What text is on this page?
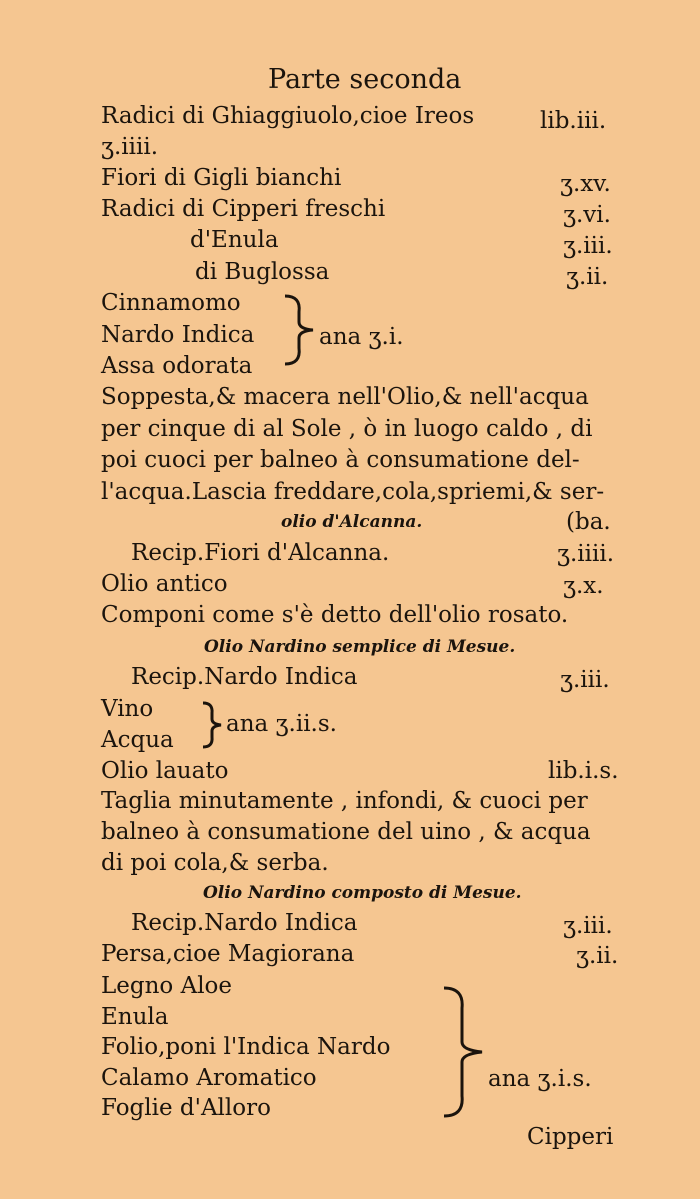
Parte seconda
Radici di Ghiaggiuolo,cioe Ireos	lib.iii.
ʒ.iiii.
Fiori di Gigli bianchi	ʒ.xv.
Radici di Cipperi freschi	ʒ.vi.
d'Enula	ʒ.iii.
di Buglossa	ʒ.ii.
Cinnamomo
Nardo Indica
Assa odorata
ana ʒ.i.
Soppesta,& macera nell'Olio,& nell'acqua
per cinque di al Sole , ò in luogo caldo , di
poi cuoci per balneo à consumatione del-
l'acqua.Lascia freddare,cola,spriemi,& ser-
olio d'Alcanna.	(ba.
Recip.Fiori d'Alcanna.	ʒ.iiii.
Olio antico	ʒ.x.
Componi come s'è detto dell'olio rosato.
Olio Nardino semplice di Mesue.
Recip.Nardo Indica	ʒ.iii.
Vino
Acqua
ana ʒ.ii.s.
Olio lauato	lib.i.s.
Taglia minutamente , infondi, & cuoci per
balneo à consumatione del uino , & acqua
di poi cola,& serba.
Olio Nardino composto di Mesue.
Recip.Nardo Indica	ʒ.iii.
Persa,cioe Magiorana	ʒ.ii.
Legno Aloe
Enula
Folio,poni l'Indica Nardo
Calamo Aromatico
Foglie d'Alloro
ana ʒ.i.s.
Cipperi
